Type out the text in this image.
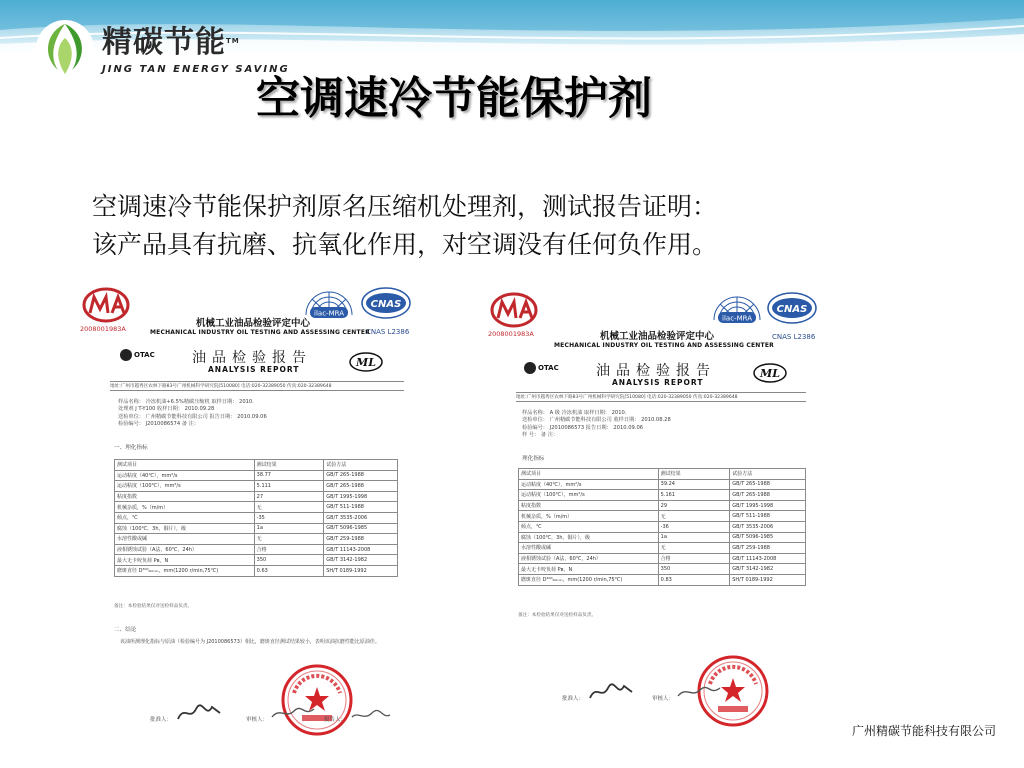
精碳节能™
JING TAN ENERGY SAVING
空调速冷节能保护剂
空调速冷节能保护剂原名压缩机处理剂，测试报告证明：
该产品具有抗磨、抗氧化作用，对空调没有任何负作用。
2008001983A
ilac-MRA
CNAS
CNAS L2386
机械工业油品检验评定中心
MECHANICAL INDUSTRY OIL TESTING AND ASSESSING CENTER
OTAC	油品检验报告
ANALYSIS REPORT
ML
地址:广州市越秀区农林下路83号广州机械科学研究院[510080] 电话:020-32389050 传真:020-32389648
样品名称： 冷冻机油+6.5%精碳压缩机 取样日期： 2010.
处理剂 J T-Y100 收样日期： 2010.09.28
送检单位： 广州精碳节能科技有限公司 报告日期： 2010.09.06
检验编号： J2010086574 备 注：
一、理化指标
测试项目	测试结果	试验方法
运动粘度（40℃），mm²/s	38.77	GB/T 265-1988
运动粘度（100℃），mm²/s	5.111	GB/T 265-1988
粘度指数	27	GB/T 1995-1998
机械杂质，%（m/m）	无	GB/T 511-1988
倾点，℃	-35	GB/T 3535-2006
腐蚀（100℃，3h，铜片），级	1a	GB/T 5096-1985
水溶性酸或碱	无	GB/T 259-1988
液相锈蚀试验（A法，60℃，24h）	合格	GB/T 11143-2008
最大无卡咬负荷 Pв，N	350	GB/T 3142-1982
磨斑直径 D³⁰⁰₆₀ₘᵢₙ，mm(1200 r/min,75℃)	0.63	SH/T 0189-1992
备注：本检验结果仅对送检样品负责。
二、结论
该油所测理化指标与原油（检验编号为 J2010086573）相比，磨斑直径测试结果较小，表明该油抗磨性能比原油佳。
批准人：	审核人：	报告人：
2008001983A
ilac-MRA
CNAS
CNAS L2386
机械工业油品检验评定中心
MECHANICAL INDUSTRY OIL TESTING AND ASSESSING CENTER
OTAC	油品检验报告
ANALYSIS REPORT
ML
地址:广州市越秀区农林下路83号广州机械科学研究院[510080] 电话:020-32389050 传真:020-32389648
样品名称： A 级 冷冻机油 取样日期： 2010.
送检单位： 广州精碳节能科技有限公司 收样日期： 2010.08.28
检验编号： J2010086573 报告日期： 2010.09.06
样 号： 备 注：
理化指标
测试项目	测试结果	试验方法
运动粘度（40℃），mm²/s	39.24	GB/T 265-1988
运动粘度（100℃），mm²/s	5.161	GB/T 265-1988
粘度指数	29	GB/T 1995-1998
机械杂质，%（m/m）	无	GB/T 511-1988
倾点，℃	-36	GB/T 3535-2006
腐蚀（100℃，3h，铜片），级	1a	GB/T 5096-1985
水溶性酸或碱	无	GB/T 259-1988
液相锈蚀试验（A法，60℃，24h）	合格	GB/T 11143-2008
最大无卡咬负荷 Pв，N	350	GB/T 3142-1982
磨斑直径 D³⁰⁰₆₀ₘᵢₙ，mm(1200 r/min,75℃)	0.83	SH/T 0189-1992
备注：本检验结果仅对送检样品负责。
批准人：	审核人：
广州精碳节能科技有限公司
